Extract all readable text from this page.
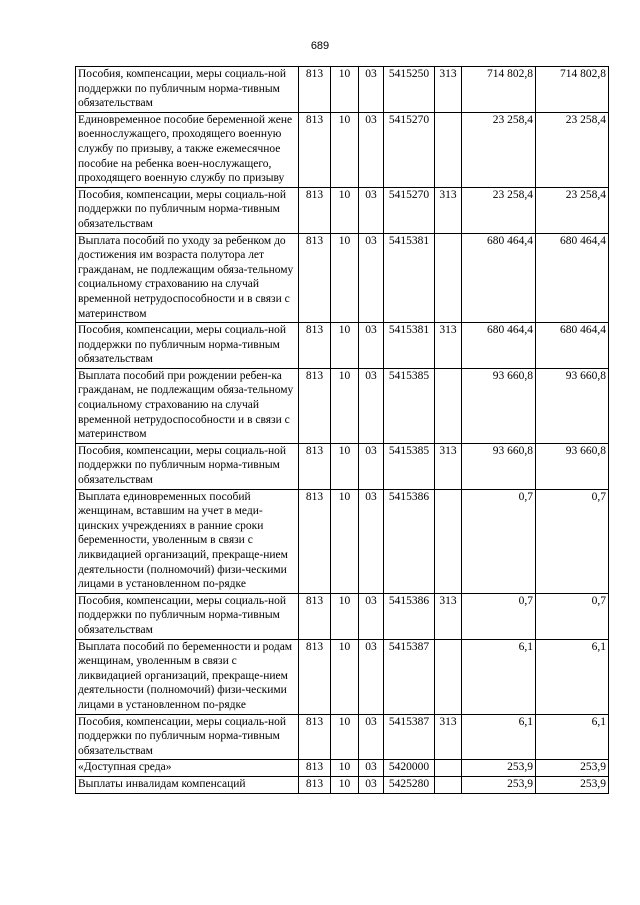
689
Пособия, компенсации, меры социаль-ной поддержки по публичным норма-тивным обязательствам	813	10	03	5415250	313	714 802,8	714 802,8
Единовременное пособие беременной жене военнослужащего, проходящего военную службу по призыву, а также ежемесячное пособие на ребенка воен-нослужащего, проходящего военную службу по призыву	813	10	03	5415270		23 258,4	23 258,4
Пособия, компенсации, меры социаль-ной поддержки по публичным норма-тивным обязательствам	813	10	03	5415270	313	23 258,4	23 258,4
Выплата пособий по уходу за ребенком до достижения им возраста полутора лет гражданам, не подлежащим обяза-тельному социальному страхованию на случай временной нетрудоспособности и в связи с материнством	813	10	03	5415381		680 464,4	680 464,4
Пособия, компенсации, меры социаль-ной поддержки по публичным норма-тивным обязательствам	813	10	03	5415381	313	680 464,4	680 464,4
Выплата пособий при рождении ребен-ка гражданам, не подлежащим обяза-тельному социальному страхованию на случай временной нетрудоспособности и в связи с материнством	813	10	03	5415385		93 660,8	93 660,8
Пособия, компенсации, меры социаль-ной поддержки по публичным норма-тивным обязательствам	813	10	03	5415385	313	93 660,8	93 660,8
Выплата единовременных пособий женщинам, вставшим на учет в меди-цинских учреждениях в ранние сроки беременности, уволенным в связи с ликвидацией организаций, прекраще-нием деятельности (полномочий) физи-ческими лицами в установленном по-рядке	813	10	03	5415386		0,7	0,7
Пособия, компенсации, меры социаль-ной поддержки по публичным норма-тивным обязательствам	813	10	03	5415386	313	0,7	0,7
Выплата пособий по беременности и родам женщинам, уволенным в связи с ликвидацией организаций, прекраще-нием деятельности (полномочий) физи-ческими лицами в установленном по-рядке	813	10	03	5415387		6,1	6,1
Пособия, компенсации, меры социаль-ной поддержки по публичным норма-тивным обязательствам	813	10	03	5415387	313	6,1	6,1
«Доступная среда»	813	10	03	5420000		253,9	253,9
Выплаты инвалидам компенсаций	813	10	03	5425280		253,9	253,9
